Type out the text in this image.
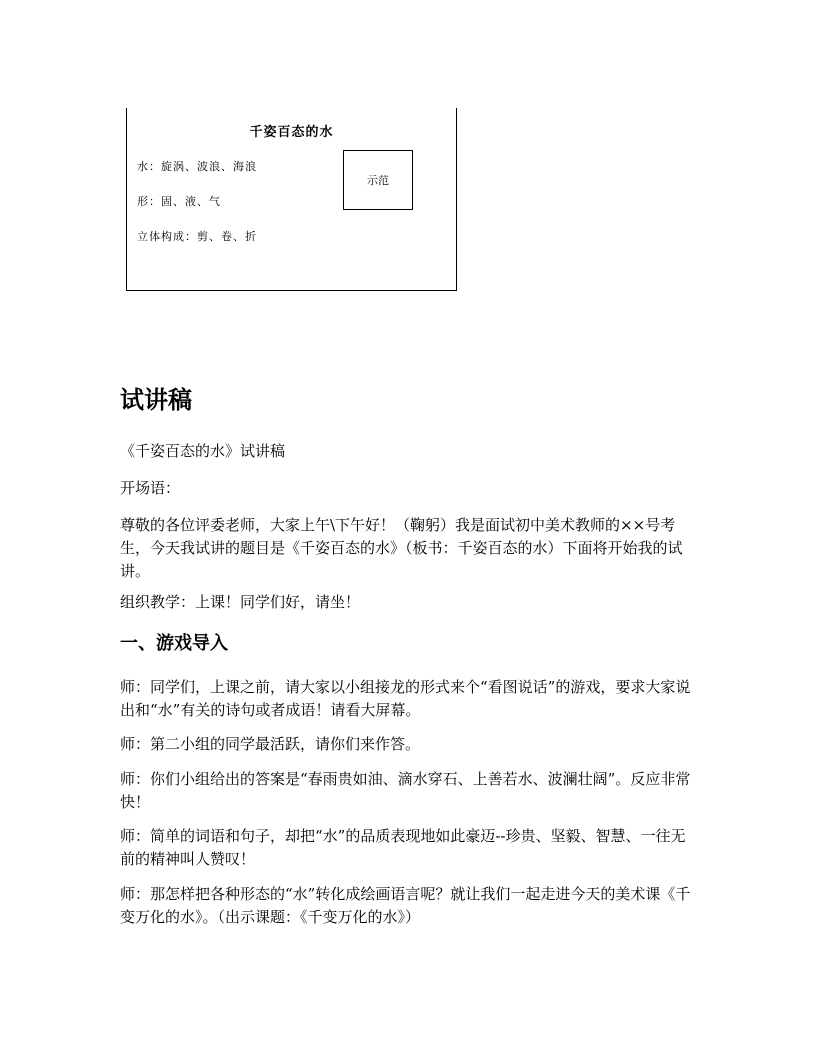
千姿百态的水
水：旋涡、波浪、海浪
形：固、液、气
立体构成：剪、卷、折
示范
试讲稿

《千姿百态的水》试讲稿

开场语：

尊敬的各位评委老师，大家上午\下午好！（鞠躬）我是面试初中美术教师的××号考生，今天我试讲的题目是《千姿百态的水》（板书：千姿百态的水）下面将开始我的试讲。

组织教学：上课！同学们好，请坐！

一、游戏导入

师：同学们，上课之前，请大家以小组接龙的形式来个“看图说话”的游戏，要求大家说出和“水”有关的诗句或者成语！请看大屏幕。

师：第二小组的同学最活跃，请你们来作答。

师：你们小组给出的答案是“春雨贵如油、滴水穿石、上善若水、波澜壮阔”。反应非常快！

师：简单的词语和句子，却把“水”的品质表现地如此豪迈--珍贵、坚毅、智慧、一往无前的精神叫人赞叹！

师：那怎样把各种形态的“水”转化成绘画语言呢？就让我们一起走进今天的美术课《千变万化的水》。（出示课题：《千变万化的水》）
